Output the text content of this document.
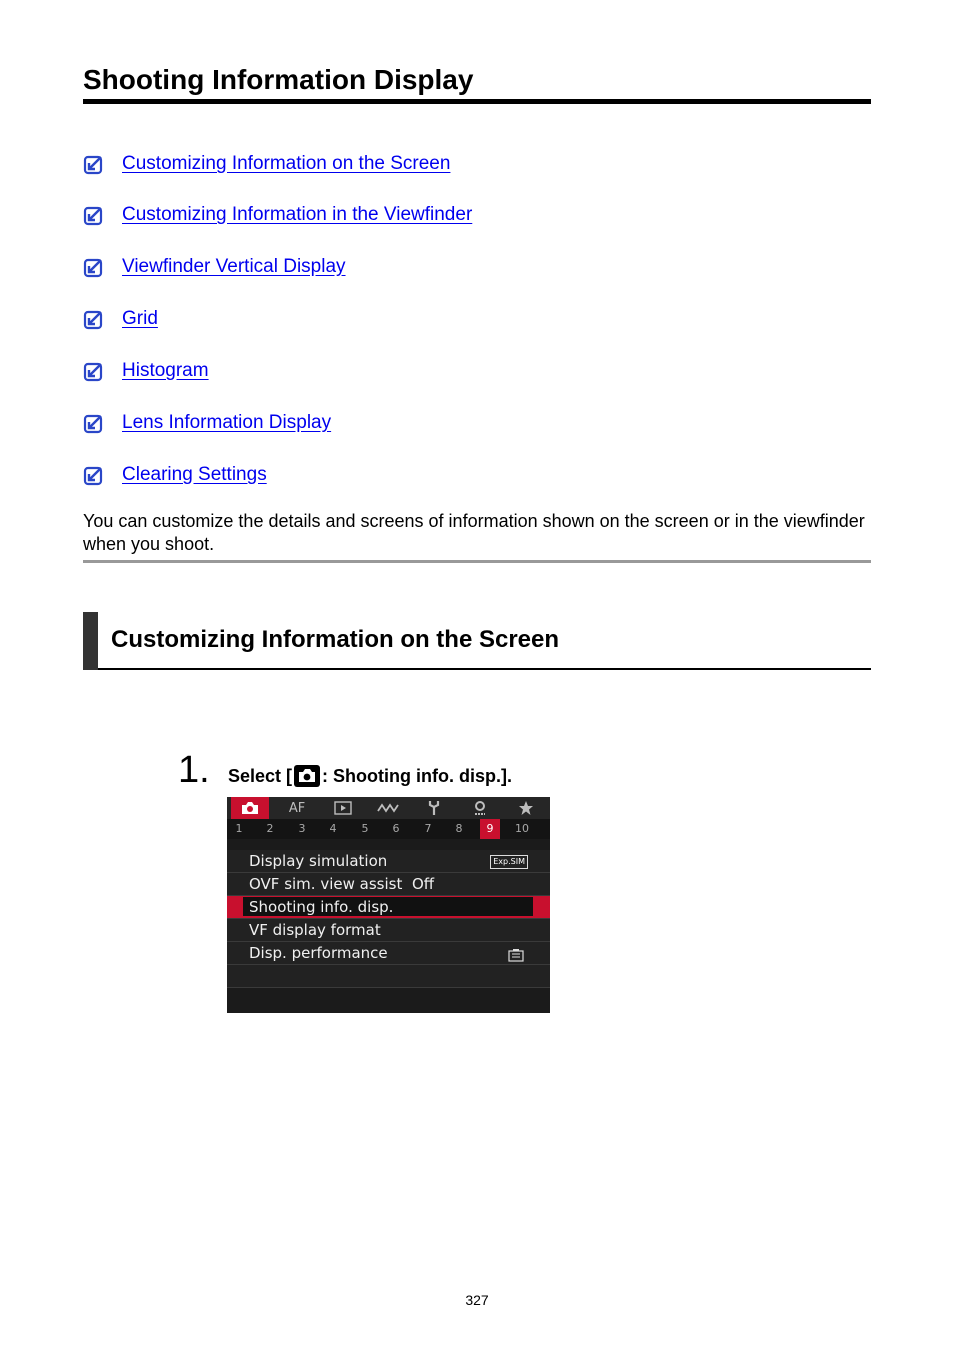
Shooting Information Display
Customizing Information on the Screen
Customizing Information in the Viewfinder
Viewfinder Vertical Display
Grid
Histogram
Lens Information Display
Clearing Settings
You can customize the details and screens of information shown on the screen or in the viewfinder when you shoot.
Customizing Information on the Screen
1. Select [ : Shooting info. disp.].
AF
1	2	3	4	5	6	7	8	9	10
Display simulation	Exp.SIM
OVF sim. view assist Off
Shooting info. disp.
VF display format
Disp. performance
327
